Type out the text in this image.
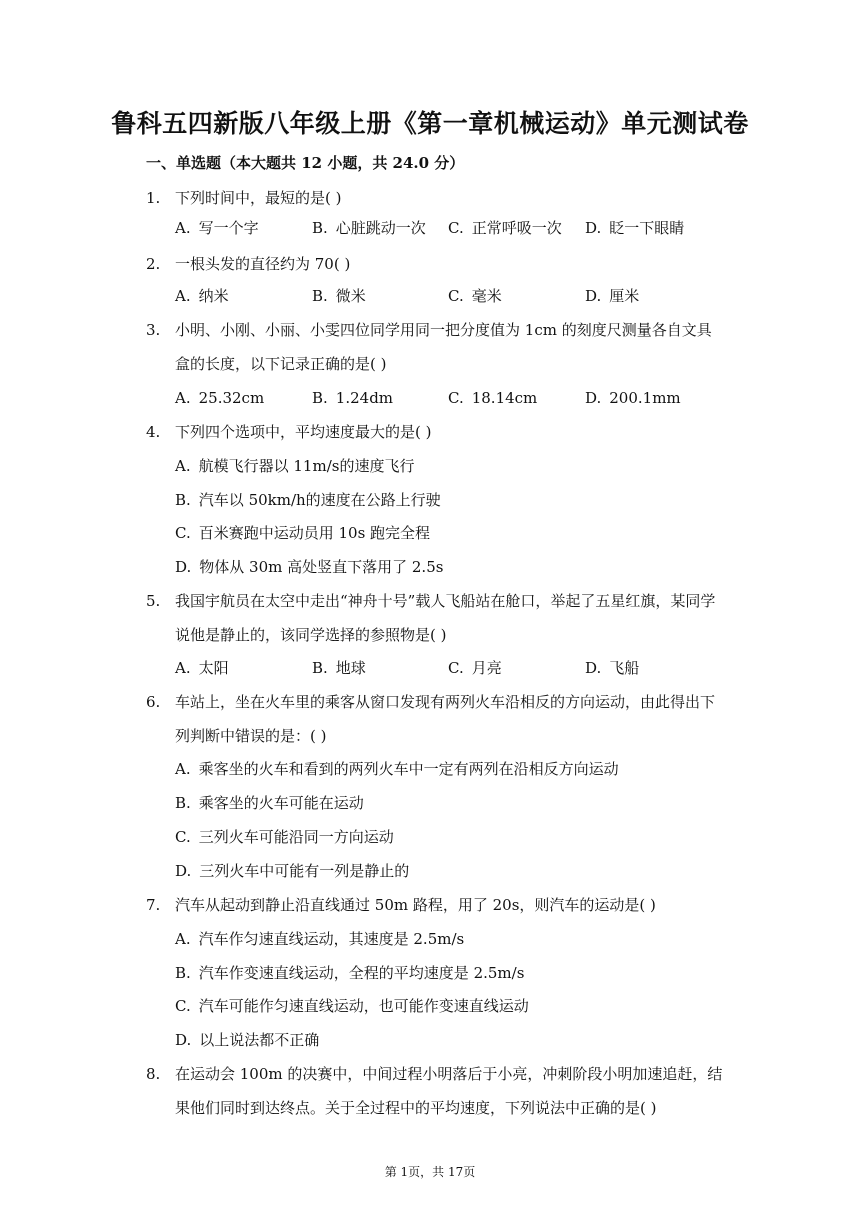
鲁科五四新版八年级上册《第一章机械运动》单元测试卷
一、单选题（本大题共 12 小题，共 24.0 分）
1. 下列时间中，最短的是( )
A. 写一个字	B. 心脏跳动一次 C. 正常呼吸一次 D. 眨一下眼睛
2. 一根头发的直径约为 70( )
A. 纳米	B. 微米	C. 毫米	D. 厘米
3. 小明、小刚、小丽、小雯四位同学用同一把分度值为 1cm 的刻度尺测量各自文具盒的长度，以下记录正确的是( )
A. 25.32cm	B. 1.24dm	C. 18.14cm	D. 200.1mm
4. 下列四个选项中，平均速度最大的是( )
A. 航模飞行器以 11m/s的速度飞行
B. 汽车以 50km/h的速度在公路上行驶
C. 百米赛跑中运动员用 10s 跑完全程
D. 物体从 30m 高处竖直下落用了 2.5s
5. 我国宇航员在太空中走出“神舟十号”载人飞船站在舱口，举起了五星红旗，某同学说他是静止的，该同学选择的参照物是( )
A. 太阳	B. 地球	C. 月亮	D. 飞船
6. 车站上，坐在火车里的乘客从窗口发现有两列火车沿相反的方向运动，由此得出下列判断中错误的是：( )
A. 乘客坐的火车和看到的两列火车中一定有两列在沿相反方向运动
B. 乘客坐的火车可能在运动
C. 三列火车可能沿同一方向运动
D. 三列火车中可能有一列是静止的
7. 汽车从起动到静止沿直线通过 50m 路程，用了 20s，则汽车的运动是( )
A. 汽车作匀速直线运动，其速度是 2.5m/s
B. 汽车作变速直线运动，全程的平均速度是 2.5m/s
C. 汽车可能作匀速直线运动，也可能作变速直线运动
D. 以上说法都不正确
8. 在运动会 100m 的决赛中，中间过程小明落后于小亮，冲刺阶段小明加速追赶，结果他们同时到达终点。关于全过程中的平均速度，下列说法中正确的是( )
第 1页，共 17页
